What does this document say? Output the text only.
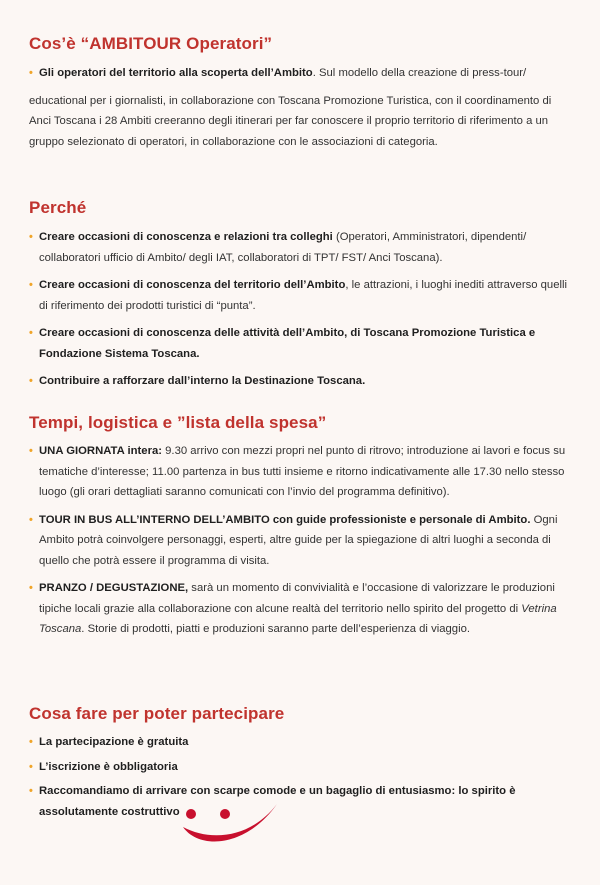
Cos’è “AMBITOUR Operatori”

• Gli operatori del territorio alla scoperta dell’Ambito. Sul modello della creazione di press-tour/

educational per i giornalisti, in collaborazione con Toscana Promozione Turistica, con il coordinamento di Anci Toscana i 28 Ambiti creeranno degli itinerari per far conoscere il proprio territorio di riferimento a un gruppo selezionato di operatori, in collaborazione con le associazioni di categoria.

Perché

• Creare occasioni di conoscenza e relazioni tra colleghi (Operatori, Amministratori, dipendenti/ collaboratori ufficio di Ambito/ degli IAT, collaboratori di TPT/ FST/ Anci Toscana).

• Creare occasioni di conoscenza del territorio dell’Ambito, le attrazioni, i luoghi inediti attraverso quelli di riferimento dei prodotti turistici di “punta”.

• Creare occasioni di conoscenza delle attività dell’Ambito, di Toscana Promozione Turistica e Fondazione Sistema Toscana.

• Contribuire a rafforzare dall’interno la Destinazione Toscana.

Tempi, logistica e ”lista della spesa”

• UNA GIORNATA intera: 9.30 arrivo con mezzi propri nel punto di ritrovo; introduzione ai lavori e focus su tematiche d’interesse; 11.00 partenza in bus tutti insieme e ritorno indicativamente alle 17.30 nello stesso luogo (gli orari dettagliati saranno comunicati con l’invio del programma definitivo).

• TOUR IN BUS ALL’INTERNO DELL’AMBITO con guide professioniste e personale di Ambito. Ogni Ambito potrà coinvolgere personaggi, esperti, altre guide per la spiegazione di altri luoghi a seconda di quello che potrà essere il programma di visita.

• PRANZO / DEGUSTAZIONE, sarà un momento di convivialità e l’occasione di valorizzare le produzioni tipiche locali grazie alla collaborazione con alcune realtà del territorio nello spirito del progetto di Vetrina Toscana. Storie di prodotti, piatti e produzioni saranno parte dell’esperienza di viaggio.

Cosa fare per poter partecipare

• La partecipazione è gratuita

• L’iscrizione è obbligatoria

• Raccomandiamo di arrivare con scarpe comode e un bagaglio di entusiasmo: lo spirito è assolutamente costruttivo
